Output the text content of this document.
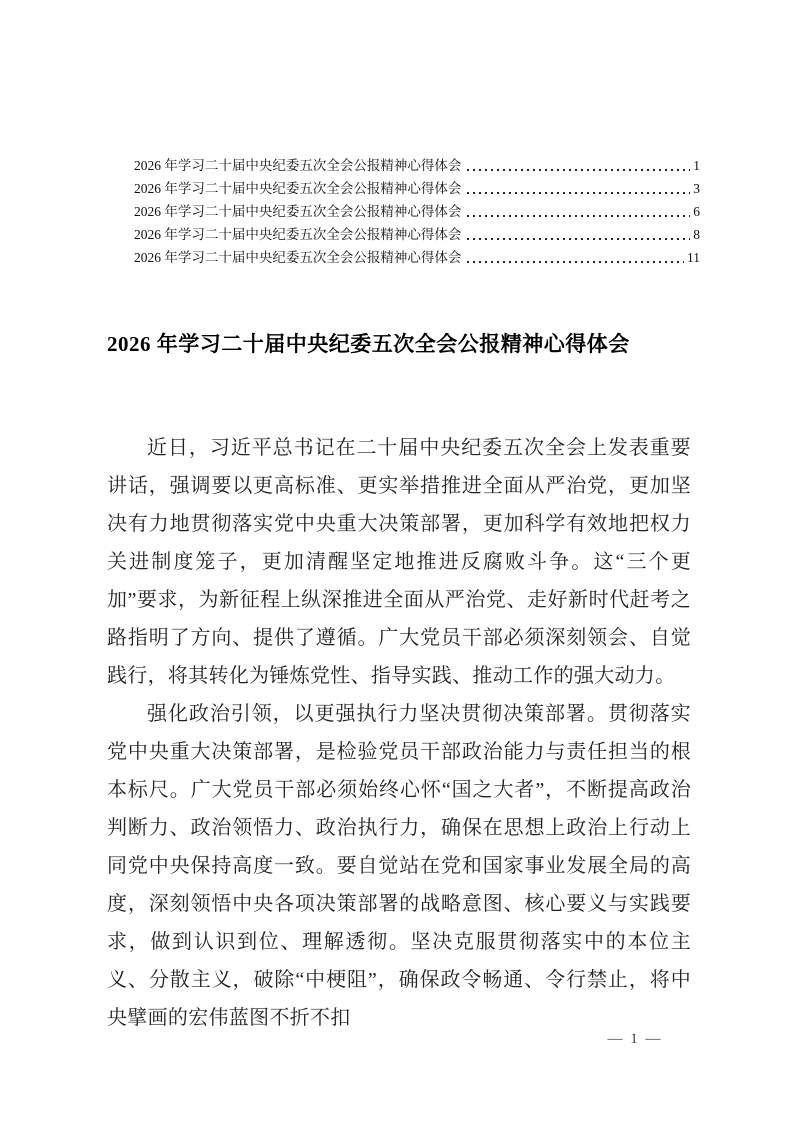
2026 年学习二十届中央纪委五次全会公报精神心得体会	1
2026 年学习二十届中央纪委五次全会公报精神心得体会	3
2026 年学习二十届中央纪委五次全会公报精神心得体会	6
2026 年学习二十届中央纪委五次全会公报精神心得体会	8
2026 年学习二十届中央纪委五次全会公报精神心得体会	11
2026 年学习二十届中央纪委五次全会公报精神心得体会

近日，习近平总书记在二十届中央纪委五次全会上发表重要讲话，强调要以更高标准、更实举措推进全面从严治党，更加坚决有力地贯彻落实党中央重大决策部署，更加科学有效地把权力关进制度笼子，更加清醒坚定地推进反腐败斗争。这“三个更加”要求，为新征程上纵深推进全面从严治党、走好新时代赶考之路指明了方向、提供了遵循。广大党员干部必须深刻领会、自觉践行，将其转化为锤炼党性、指导实践、推动工作的强大动力。

强化政治引领，以更强执行力坚决贯彻决策部署。贯彻落实党中央重大决策部署，是检验党员干部政治能力与责任担当的根本标尺。广大党员干部必须始终心怀“国之大者”，不断提高政治判断力、政治领悟力、政治执行力，确保在思想上政治上行动上同党中央保持高度一致。要自觉站在党和国家事业发展全局的高度，深刻领悟中央各项决策部署的战略意图、核心要义与实践要求，做到认识到位、理解透彻。坚决克服贯彻落实中的本位主义、分散主义，破除“中梗阻”，确保政令畅通、令行禁止，将中央擘画的宏伟蓝图不折不扣

— 1 —
